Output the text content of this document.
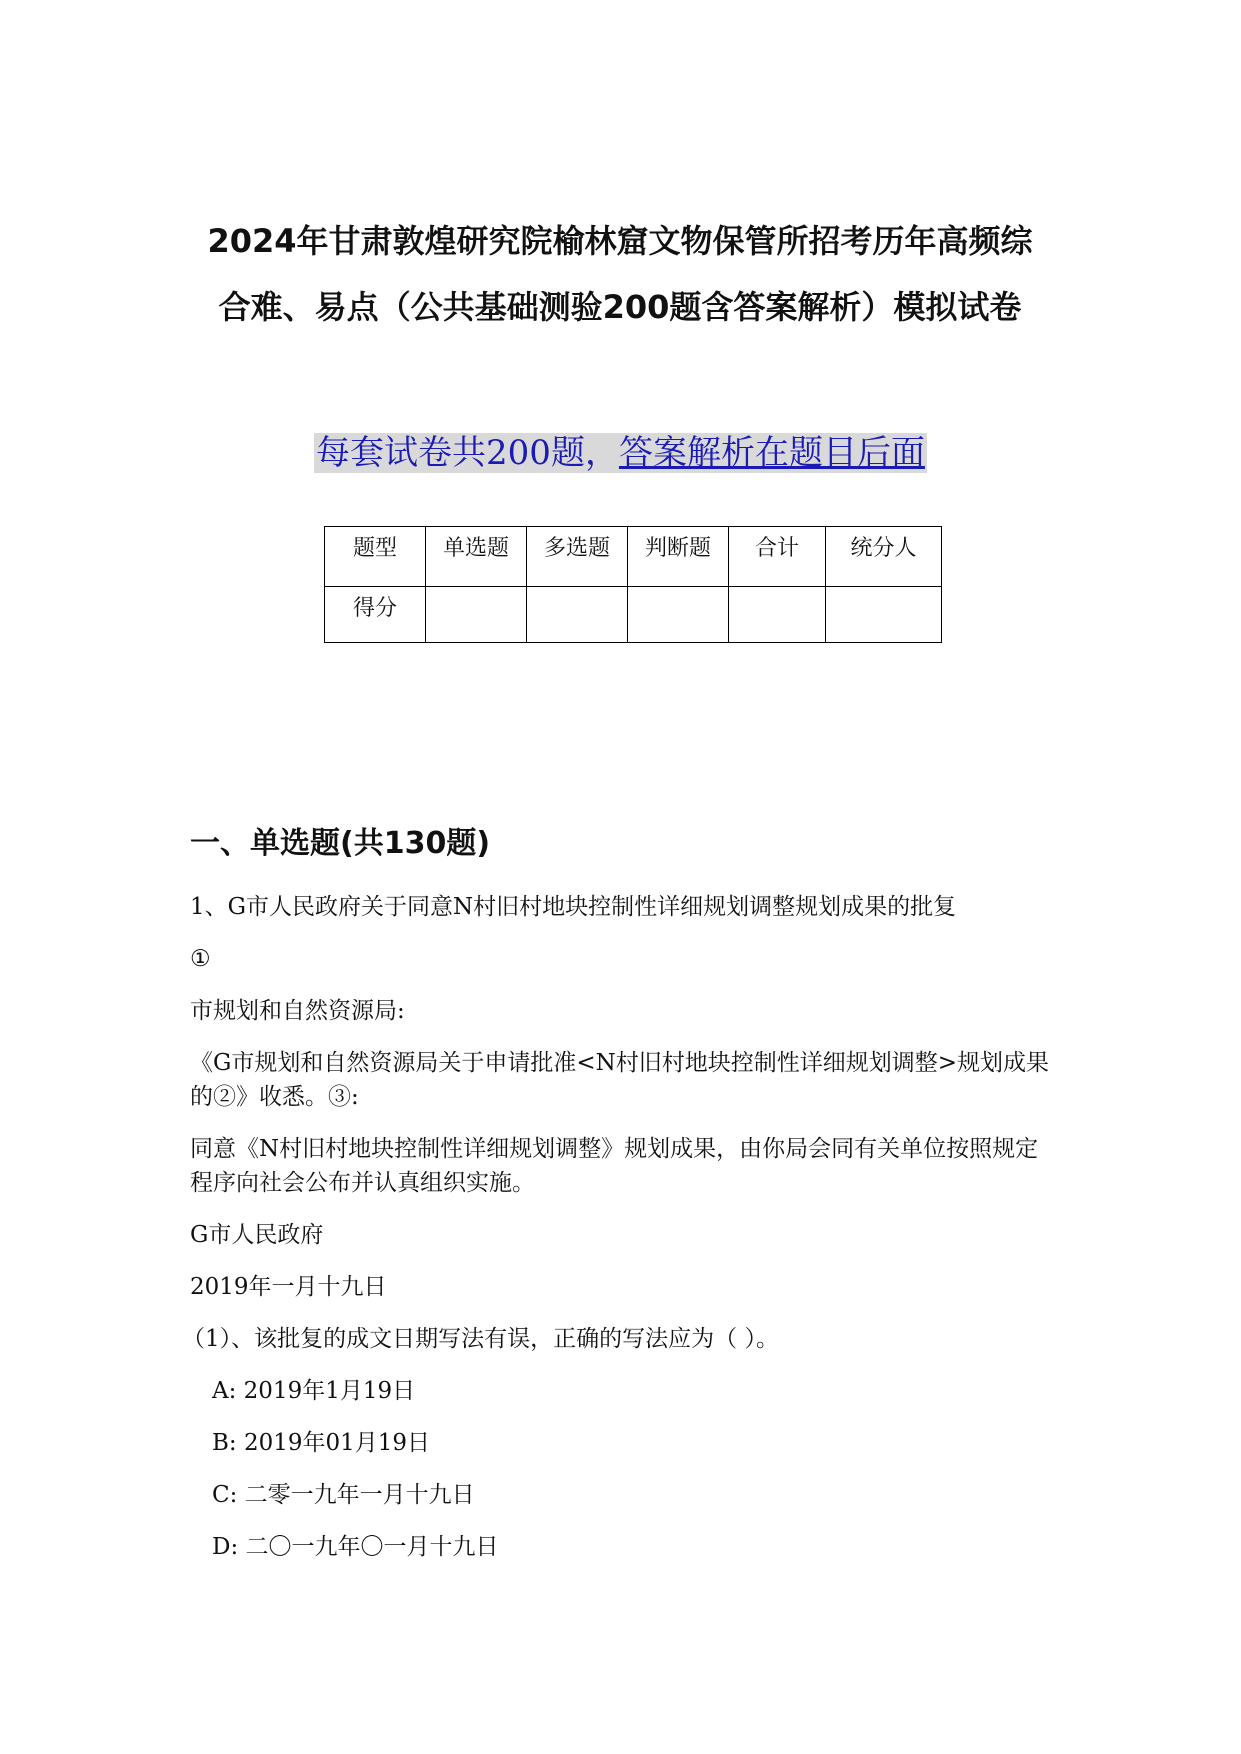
2024年甘肃敦煌研究院榆林窟文物保管所招考历年高频综
合难、易点（公共基础测验200题含答案解析）模拟试卷
每套试卷共200题，答案解析在题目后面
题型	单选题	多选题	判断题	合计	统分人
得分					
一、单选题(共130题)
1、G市人民政府关于同意N村旧村地块控制性详细规划调整规划成果的批复
①
市规划和自然资源局:
《G市规划和自然资源局关于申请批准<N村旧村地块控制性详细规划调整>规划成果的②》收悉。③:
同意《N村旧村地块控制性详细规划调整》规划成果，由你局会同有关单位按照规定程序向社会公布并认真组织实施。
G市人民政府
2019年一月十九日
（1）、该批复的成文日期写法有误，正确的写法应为（ ）。
A: 2019年1月19日
B: 2019年01月19日
C: 二零一九年一月十九日
D: 二〇一九年〇一月十九日
